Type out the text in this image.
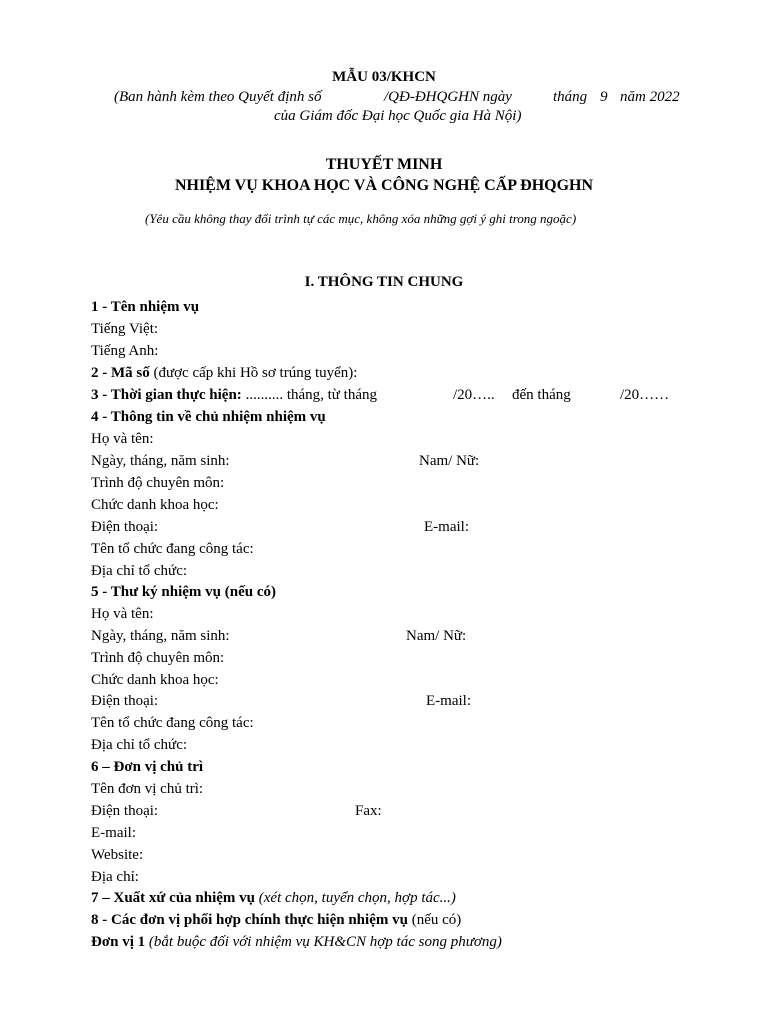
MẪU 03/KHCN
(Ban hành kèm theo Quyết định số	/QĐ-ĐHQGHN ngày	tháng 9 năm 2022
của Giám đốc Đại học Quốc gia Hà Nội)
THUYẾT MINH
NHIỆM VỤ KHOA HỌC VÀ CÔNG NGHỆ CẤP ĐHQGHN
(Yêu cầu không thay đổi trình tự các mục, không xóa những gợi ý ghi trong ngoặc)
I. THÔNG TIN CHUNG
1 - Tên nhiệm vụ
Tiếng Việt:
Tiếng Anh:
2 - Mã số (được cấp khi Hồ sơ trúng tuyển):
3 - Thời gian thực hiện: .......... tháng, từ tháng	/20….. đến tháng	/20……
4 - Thông tin về chủ nhiệm nhiệm vụ
Họ và tên:
Ngày, tháng, năm sinh:	Nam/ Nữ:
Trình độ chuyên môn:
Chức danh khoa học:
Điện thoại:	E-mail:
Tên tổ chức đang công tác:
Địa chỉ tổ chức:
5 - Thư ký nhiệm vụ (nếu có)
Họ và tên:
Ngày, tháng, năm sinh:	Nam/ Nữ:
Trình độ chuyên môn:
Chức danh khoa học:
Điện thoại:	E-mail:
Tên tổ chức đang công tác:
Địa chỉ tổ chức:
6 – Đơn vị chủ trì
Tên đơn vị chủ trì:
Điện thoại:	Fax:
E-mail:
Website:
Địa chỉ:
7 – Xuất xứ của nhiệm vụ (xét chọn, tuyển chọn, hợp tác...)
8 - Các đơn vị phối hợp chính thực hiện nhiệm vụ (nếu có)
Đơn vị 1 (bắt buộc đối với nhiệm vụ KH&CN hợp tác song phương)
